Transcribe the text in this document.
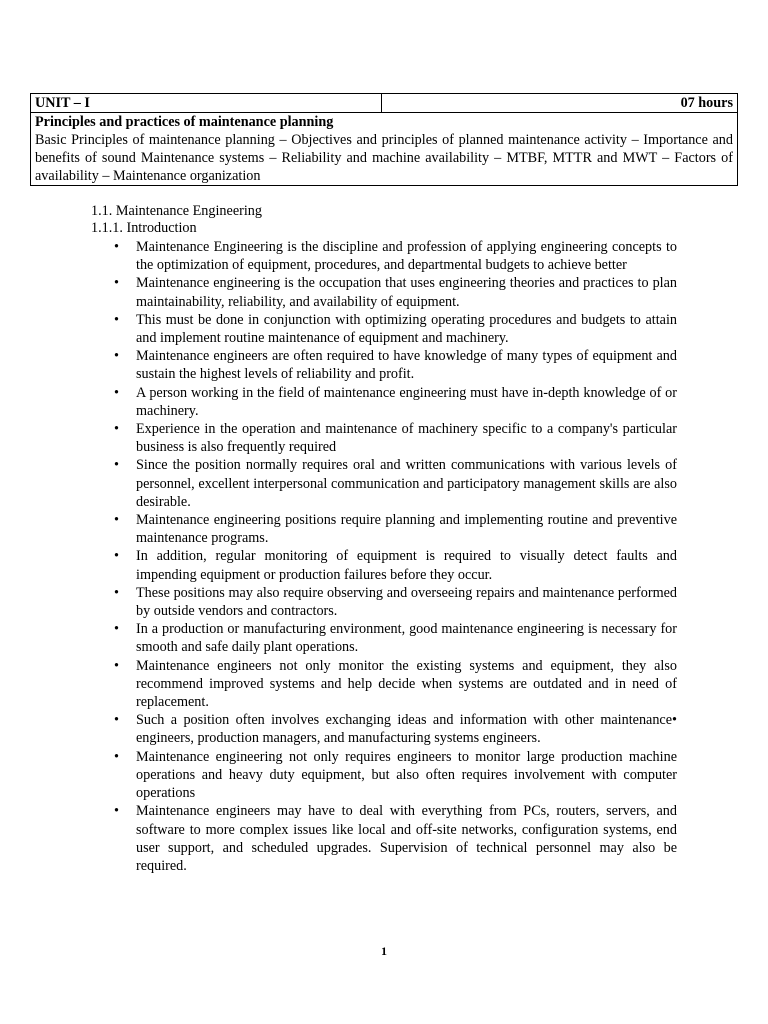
UNIT – I	07 hours

Principles and practices of maintenance planning
Basic Principles of maintenance planning – Objectives and principles of planned maintenance activity – Importance and benefits of sound Maintenance systems – Reliability and machine availability – MTBF, MTTR and MWT – Factors of availability – Maintenance organization
1.1. Maintenance Engineering
1.1.1. Introduction
• Maintenance Engineering is the discipline and profession of applying engineering concepts to the optimization of equipment, procedures, and departmental budgets to achieve better
• Maintenance engineering is the occupation that uses engineering theories and practices to plan maintainability, reliability, and availability of equipment.
• This must be done in conjunction with optimizing operating procedures and budgets to attain and implement routine maintenance of equipment and machinery.
• Maintenance engineers are often required to have knowledge of many types of equipment and sustain the highest levels of reliability and profit.
• A person working in the field of maintenance engineering must have in-depth knowledge of or machinery.
• Experience in the operation and maintenance of machinery specific to a company's particular business is also frequently required
• Since the position normally requires oral and written communications with various levels of personnel, excellent interpersonal communication and participatory management skills are also desirable.
• Maintenance engineering positions require planning and implementing routine and preventive maintenance programs.
• In addition, regular monitoring of equipment is required to visually detect faults and impending equipment or production failures before they occur.
• These positions may also require observing and overseeing repairs and maintenance performed by outside vendors and contractors.
• In a production or manufacturing environment, good maintenance engineering is necessary for smooth and safe daily plant operations.
• Maintenance engineers not only monitor the existing systems and equipment, they also recommend improved systems and help decide when systems are outdated and in need of replacement.
• Such a position often involves exchanging ideas and information with other maintenance• engineers, production managers, and manufacturing systems engineers.
• Maintenance engineering not only requires engineers to monitor large production machine operations and heavy duty equipment, but also often requires involvement with computer operations
• Maintenance engineers may have to deal with everything from PCs, routers, servers, and software to more complex issues like local and off-site networks, configuration systems, end user support, and scheduled upgrades. Supervision of technical personnel may also be required.
1
